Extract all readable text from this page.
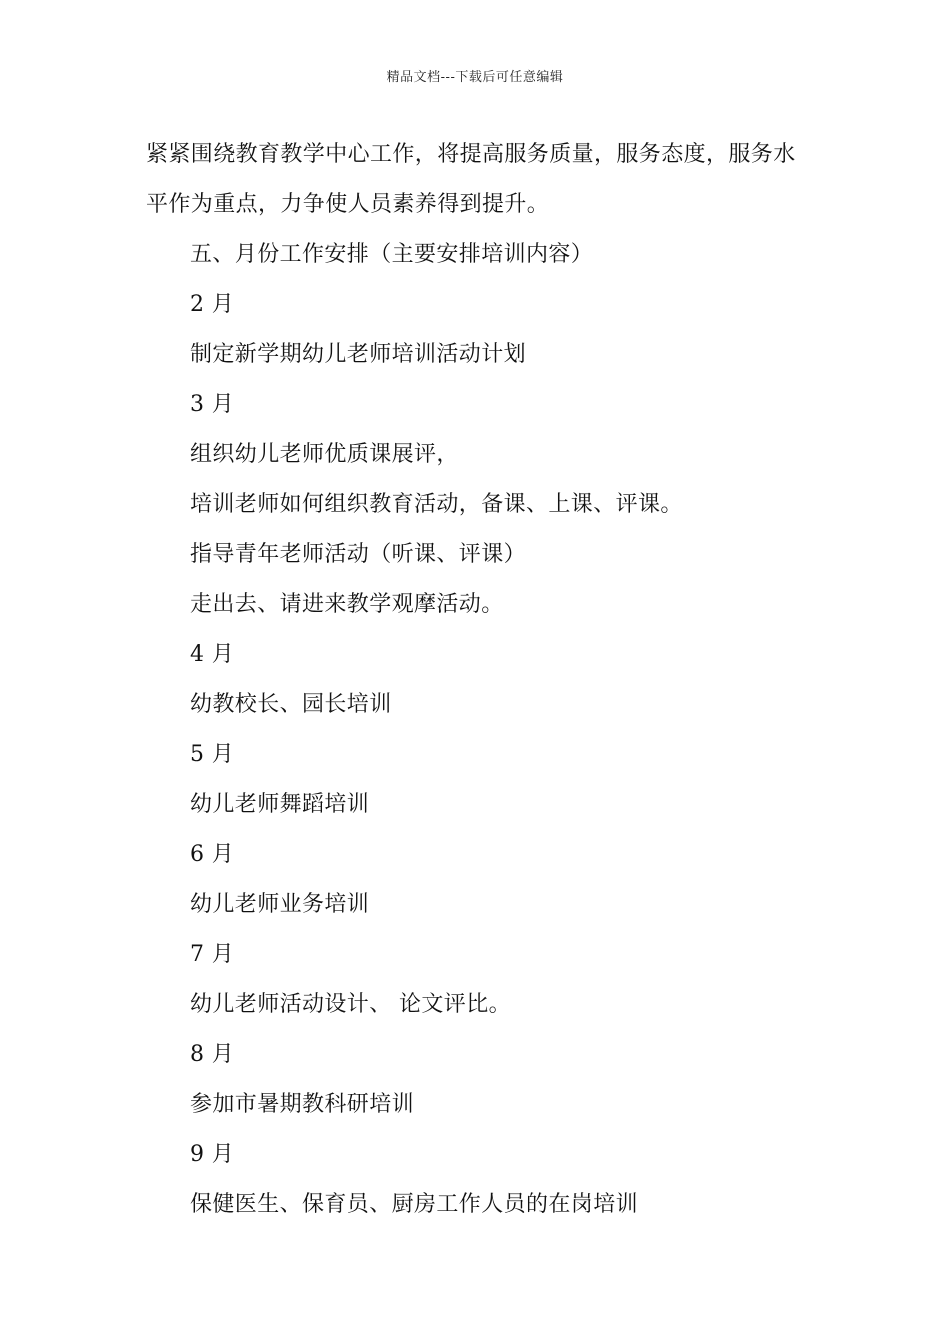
精品文档---下载后可任意编辑
紧紧围绕教育教学中心工作，将提高服务质量，服务态度，服务水
平作为重点，力争使人员素养得到提升。
五、月份工作安排（主要安排培训内容）
2 月
制定新学期幼儿老师培训活动计划
3 月
组织幼儿老师优质课展评，
培训老师如何组织教育活动，备课、上课、评课。
指导青年老师活动（听课、评课）
走出去、请进来教学观摩活动。
4 月
幼教校长、园长培训
5 月
幼儿老师舞蹈培训
6 月
幼儿老师业务培训
7 月
幼儿老师活动设计、 论文评比。
8 月
参加市暑期教科研培训
9 月
保健医生、保育员、厨房工作人员的在岗培训
